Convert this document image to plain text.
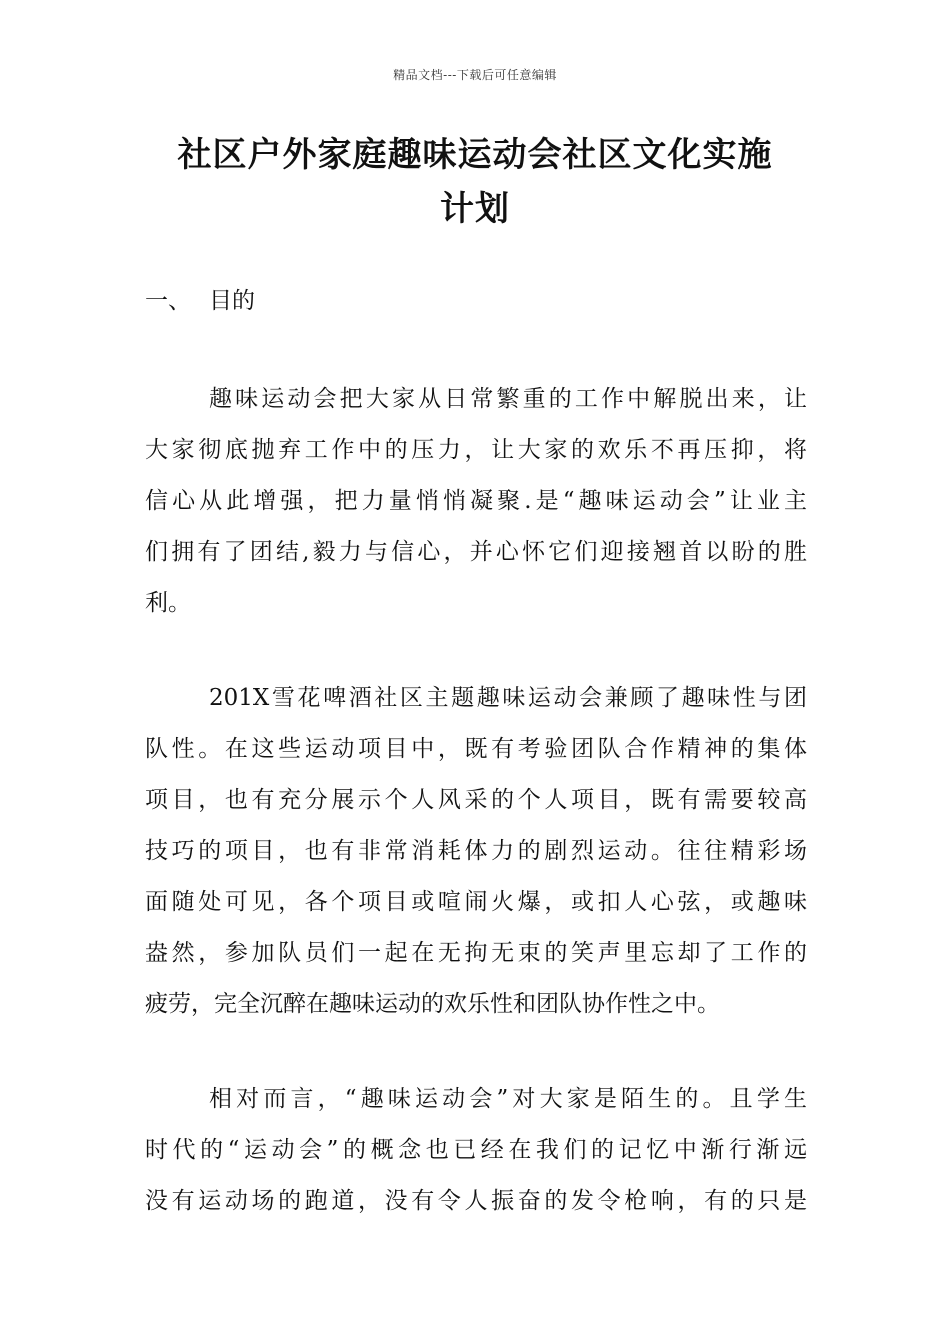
精品文档---下载后可任意编辑
社区户外家庭趣味运动会社区文化实施
计划
一、 目的
趣味运动会把大家从日常繁重的工作中解脱出来，让
大家彻底抛弃工作中的压力，让大家的欢乐不再压抑，将
信心从此增强，把力量悄悄凝聚.是“趣味运动会”让业主
们拥有了团结,毅力与信心，并心怀它们迎接翘首以盼的胜
利。
201X雪花啤酒社区主题趣味运动会兼顾了趣味性与团
队性。在这些运动项目中，既有考验团队合作精神的集体
项目，也有充分展示个人风采的个人项目，既有需要较高
技巧的项目，也有非常消耗体力的剧烈运动。往往精彩场
面随处可见，各个项目或喧闹火爆，或扣人心弦，或趣味
盎然，参加队员们一起在无拘无束的笑声里忘却了工作的
疲劳，完全沉醉在趣味运动的欢乐性和团队协作性之中。
相对而言，“趣味运动会”对大家是陌生的。且学生
时代的“运动会”的概念也已经在我们的记忆中渐行渐远
没有运动场的跑道，没有令人振奋的发令枪响，有的只是
